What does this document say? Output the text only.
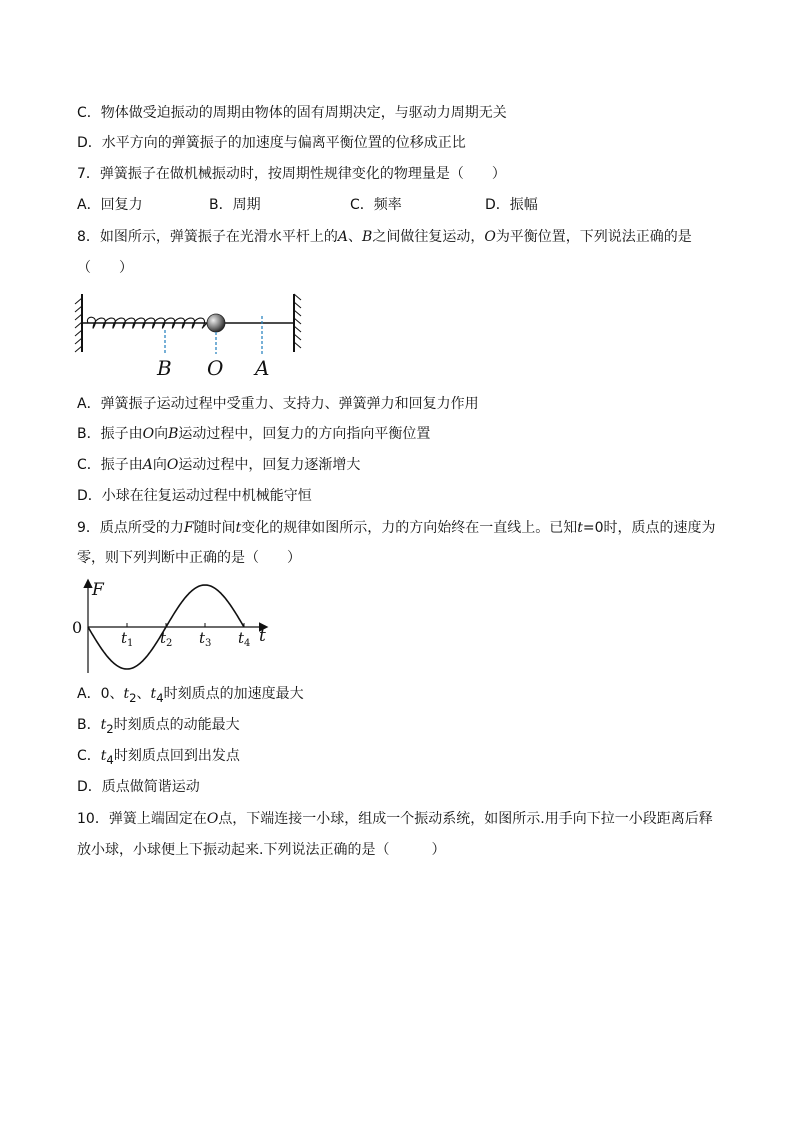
C．物体做受迫振动的周期由物体的固有周期决定，与驱动力周期无关
D．水平方向的弹簧振子的加速度与偏离平衡位置的位移成正比
7．弹簧振子在做机械振动时，按周期性规律变化的物理量是（　　）
A．回复力	B．周期	C．频率	D．振幅
8．如图所示，弹簧振子在光滑水平杆上的A、B之间做往复运动，O为平衡位置，下列说法正确的是
（　　）
B O A
A．弹簧振子运动过程中受重力、支持力、弹簧弹力和回复力作用
B．振子由O向B运动过程中，回复力的方向指向平衡位置
C．振子由A向O运动过程中，回复力逐渐增大
D．小球在往复运动过程中机械能守恒
9．质点所受的力F随时间t变化的规律如图所示，力的方向始终在一直线上。已知t=0时，质点的速度为
零，则下列判断中正确的是（　　）
F
t
0
$t_1$ $t_2$ $t_3$ $t_4$
A．0、$t_2$、$t_4$时刻质点的加速度最大
B．$t_2$时刻质点的动能最大
C．$t_4$时刻质点回到出发点
D．质点做简谐运动
10．弹簧上端固定在O点，下端连接一小球，组成一个振动系统，如图所示.用手向下拉一小段距离后释
放小球，小球便上下振动起来.下列说法正确的是（　　　）
